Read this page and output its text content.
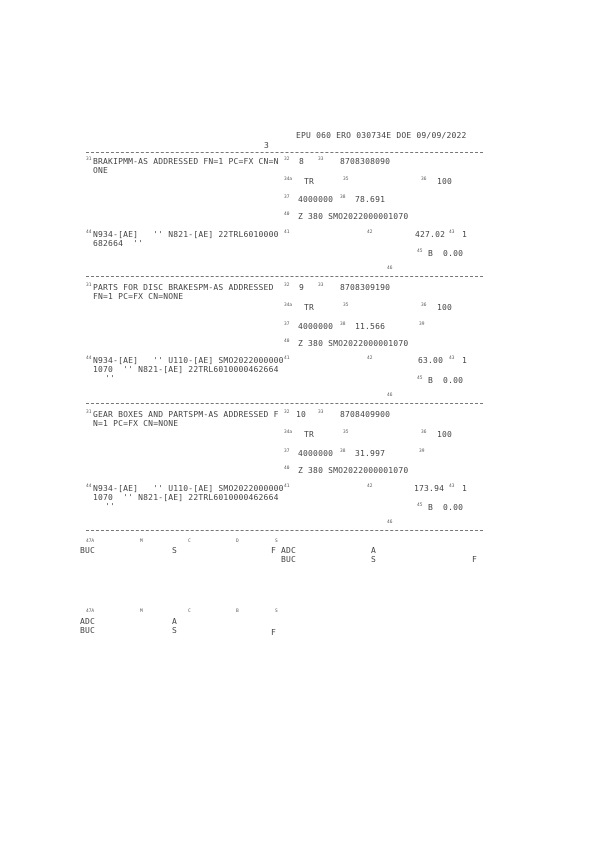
EPU 060 ERO 030734E DOE 09/09/2022
3
31 BRAKIPMM-AS ADDRESSED FN=1 PC=FX CN=N
ONE
32 8	33 8708308090
34a TR	35	36 100
37 4000000 38 78.691
40 Z 380 SMO2022000001070
44 N934-[AE]   '' N821-[AE] 22TRL6010000
682664  ''
41	42	427.02 43 1
45 B  0.00
46
31 PARTS FOR DISC BRAKESPM-AS ADDRESSED
FN=1 PC=FX CN=NONE
32 9	33 8708309190
34a TR	35	36 100
37 4000000 38 11.566	39
40 Z 380 SMO2022000001070
44 N934-[AE]   '' U110-[AE] SMO2022000000
1070  '' N821-[AE] 22TRL6010000462664
''
41	42	63.00 43 1
45 B  0.00
46
31 GEAR BOXES AND PARTSPM-AS ADDRESSED F
N=1 PC=FX CN=NONE
32 10	33 8708409900
34a TR	35	36 100
37 4000000 38 31.997	39
40 Z 380 SMO2022000001070
44 N934-[AE]   '' U110-[AE] SMO2022000000
1070  '' N821-[AE] 22TRL6010000462664
''
41	42	173.94 43 1
45 B  0.00
46
47A	M	C	D	S
BUC	S	F ADC	A
BUC	S	F
47A	M	C	B	S
ADC	A
BUC	S	F
